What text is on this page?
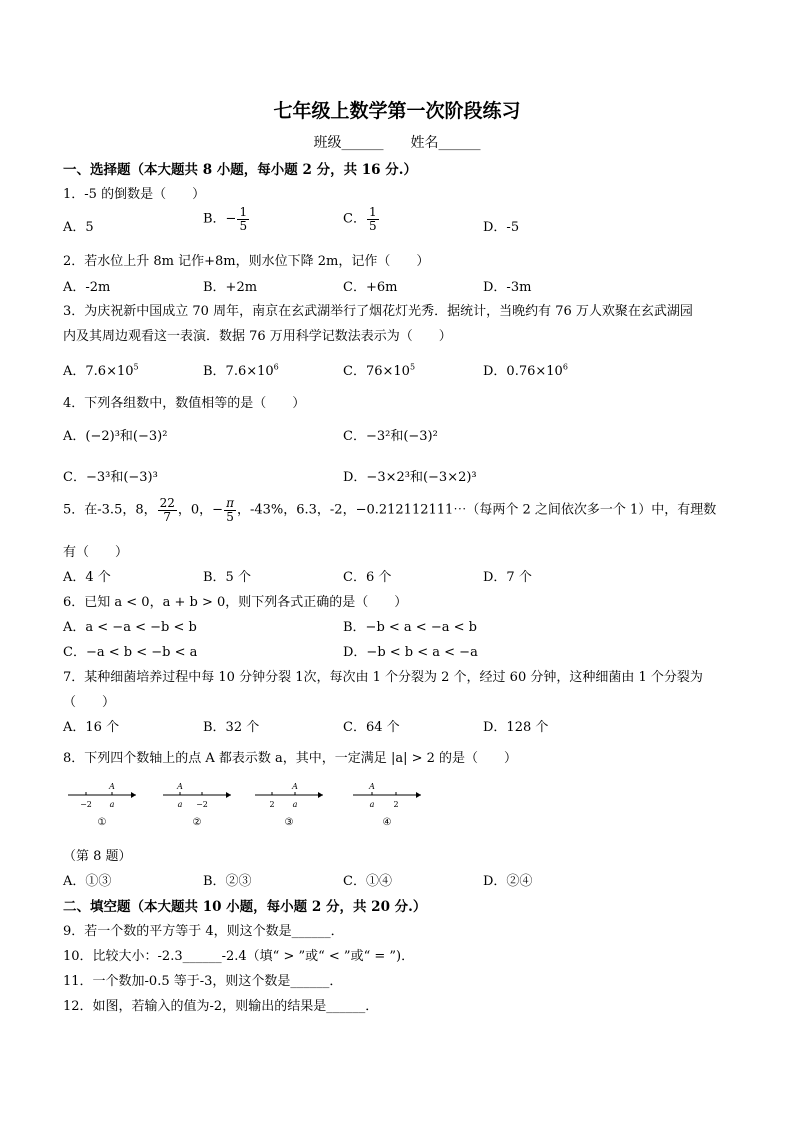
七年级上数学第一次阶段练习
班级______ 姓名______
一、选择题（本大题共 8 小题，每小题 2 分，共 16 分.）
1．-5 的倒数是（　　）
A．5
B．− $\frac{1}{5}$	C． $\frac{1}{5}$	D．-5
2．若水位上升 8m 记作+8m，则水位下降 2m，记作（　　）
A．-2m	B．+2m	C．+6m	D．-3m
3．为庆祝新中国成立 70 周年，南京在玄武湖举行了烟花灯光秀．据统计，当晚约有 76 万人欢聚在玄武湖园
内及其周边观看这一表演．数据 76 万用科学记数法表示为（　　）
A．$7.6\times 10^5$	B．$7.6\times 10^6$	C．$76\times 10^5$	D．$0.76\times 10^6$
4．下列各组数中，数值相等的是（　　）
A．(−2)³和(−3)²	C．−3²和(−3)²
C．−3³和(−3)³	D．−3×2³和(−3×2)³
5．在-3.5，8， $\frac{22}{7}$ ，0，− $\frac{\pi}{5}$ ，-43%，6.3，-2，−0.212112111⋯（每两个 2 之间依次多一个 1）中，有理数
有（　　）
A．4 个	B．5 个	C．6 个	D．7 个
6．已知 a < 0，a + b > 0，则下列各式正确的是（　　）
A．a < −a < −b < b	B．−b < a < −a < b
C．−a < b < −b < a	D．−b < b < a < −a
7．某种细菌培养过程中每 10 分钟分裂 1次，每次由 1 个分裂为 2 个，经过 60 分钟，这种细菌由 1 个分裂为
（　　）
A．16 个	B．32 个	C．64 个	D．128 个
8．下列四个数轴上的点 A 都表示数 a，其中，一定满足 |a| > 2 的是（　　）
A
−2 a
①
A
a −2
②
A
2 a
③
A
a 2
④
（第 8 题）
A．①③	B．②③	C．①④	D．②④
二、填空题（本大题共 10 小题，每小题 2 分，共 20 分.）
9．若一个数的平方等于 4，则这个数是______．
10．比较大小：-2.3______-2.4（填“ > ”或“ < ”或“ = ”)．
11．一个数加-0.5 等于-3，则这个数是______．
12．如图，若输入的值为-2，则输出的结果是______．
